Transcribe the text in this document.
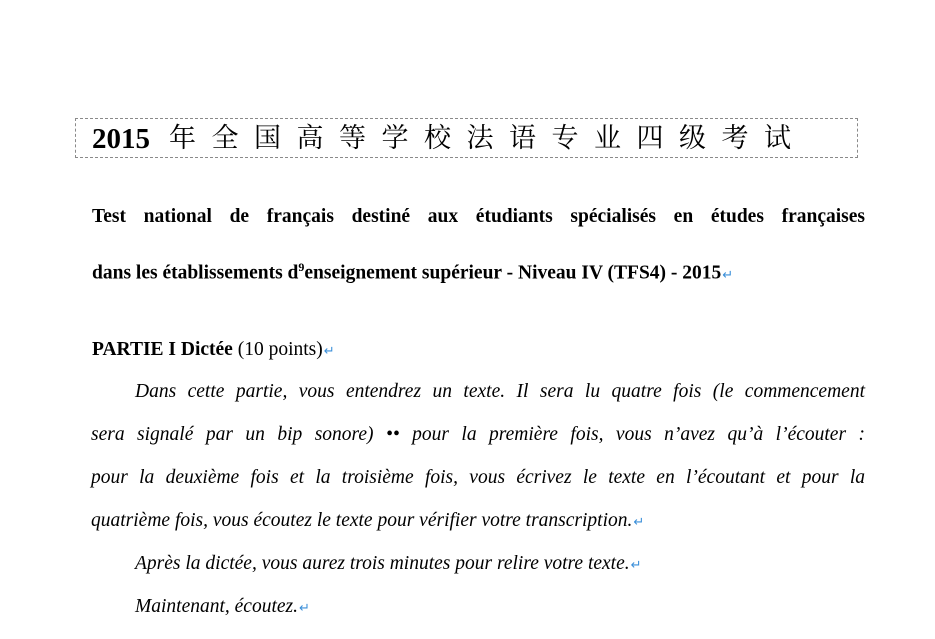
2015 年全国高等学校法语专业四级考试
Test national de français destiné aux étudiants spécialisés en études françaises
dans les établissements $d^9enseignement$ supérieur - Niveau IV (TFS4) - 2015↵
PARTIE I Dictée (10 points)↵
Dans cette partie, vous entendrez un texte. Il sera lu quatre fois (le commencement
sera signalé par un bip sonore) •• pour la première fois, vous n’avez qu’à l’écouter :
pour la deuxième fois et la troisième fois, vous écrivez le texte en l’écoutant et pour la
quatrième fois, vous écoutez le texte pour vérifier votre transcription.↵
Après la dictée, vous aurez trois minutes pour relire votre texte.↵
Maintenant, écoutez.↵
